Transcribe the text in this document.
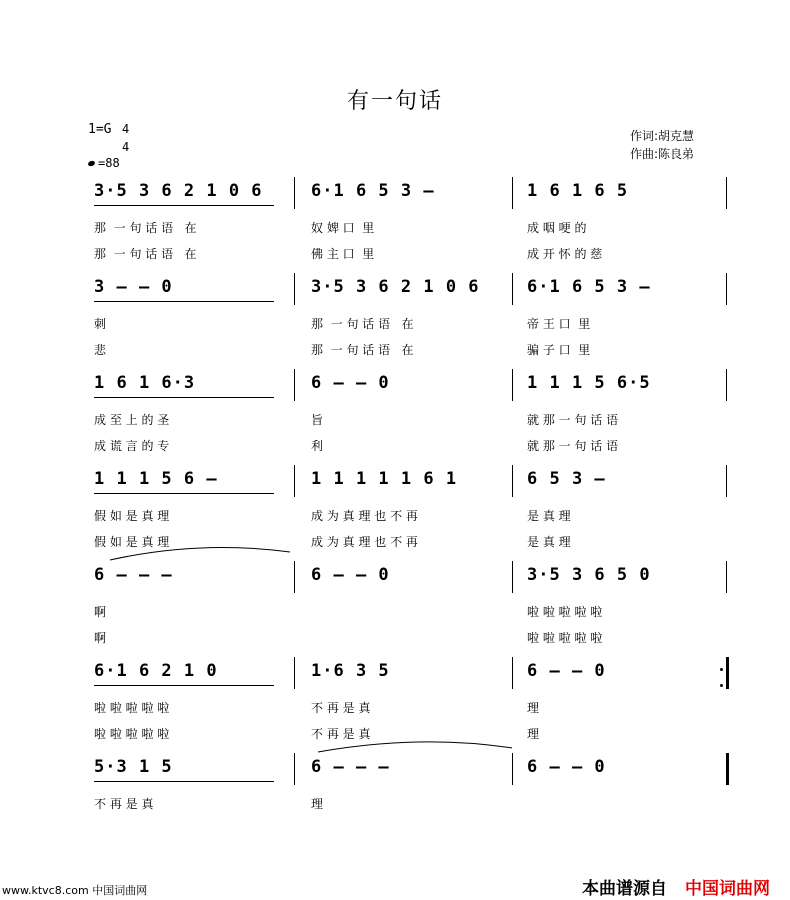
有一句话
1=G 4
4
=88
作词:胡克慧
作曲:陈良弟
3·5 3 6 2 1 0 6
那  一 句 话 语   在
那  一 句 话 语   在
6·1 6 5 3 –
奴 婢 口  里
佛 主 口  里
1 6 1 6 5
成 咽 哽 的
成 开 怀 的 慈
3 – – 0
刺
悲
3·5 3 6 2 1 0 6
那  一 句 话 语   在
那  一 句 话 语   在
6·1 6 5 3 –
帝 王 口  里
骗 子 口  里
1 6 1 6·3
成 至 上 的 圣
成 谎 言 的 专
6 – – 0
旨
利
1 1 1 5 6·5
就 那 一 句 话 语
就 那 一 句 话 语
1 1 1 5 6 –
假 如 是 真 理
假 如 是 真 理
1 1 1 1 1 6 1
成 为 真 理 也 不 再
成 为 真 理 也 不 再
6 5 3 –
是 真 理
是 真 理
6 – – –
啊
啊
6 – – 0	3·5 3 6 5 0
啦 啦 啦 啦 啦
啦 啦 啦 啦 啦
6·1 6 2 1 0
啦 啦 啦 啦 啦
啦 啦 啦 啦 啦
1·6 3 5
不 再 是 真
不 再 是 真
6 – – 0
理
理
5·3 1 5
不 再 是 真
6 – – –
理
6 – – 0
www.ktvc8.com 中国词曲网	本曲谱源自 中国词曲网
